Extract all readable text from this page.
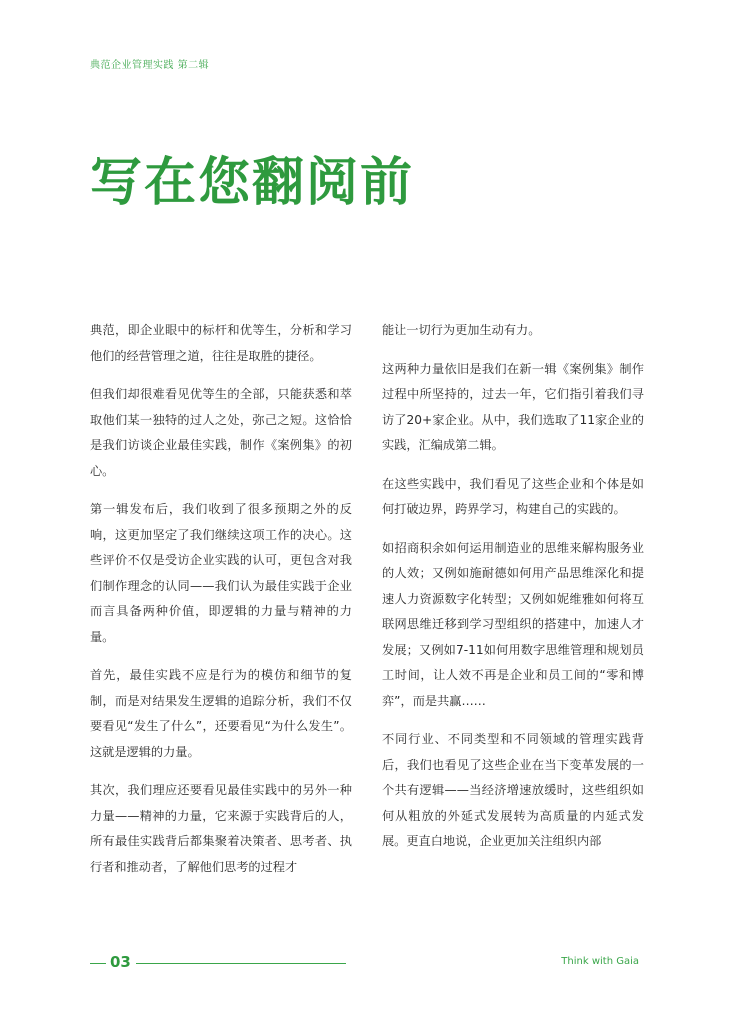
典范企业管理实践 第二辑
写在您翻阅前

典范，即企业眼中的标杆和优等生，分析和学习他们的经营管理之道，往往是取胜的捷径。

但我们却很难看见优等生的全部，只能获悉和萃取他们某一独特的过人之处，弥己之短。这恰恰是我们访谈企业最佳实践，制作《案例集》的初心。

第一辑发布后，我们收到了很多预期之外的反响，这更加坚定了我们继续这项工作的决心。这些评价不仅是受访企业实践的认可，更包含对我们制作理念的认同——我们认为最佳实践于企业而言具备两种价值，即逻辑的力量与精神的力量。

首先，最佳实践不应是行为的模仿和细节的复制，而是对结果发生逻辑的追踪分析，我们不仅要看见“发生了什么”，还要看见“为什么发生”。这就是逻辑的力量。

其次，我们理应还要看见最佳实践中的另外一种力量——精神的力量，它来源于实践背后的人，所有最佳实践背后都集聚着决策者、思考者、执行者和推动者，了解他们思考的过程才

能让一切行为更加生动有力。

这两种力量依旧是我们在新一辑《案例集》制作过程中所坚持的，过去一年，它们指引着我们寻访了20+家企业。从中，我们选取了11家企业的实践，汇编成第二辑。

在这些实践中，我们看见了这些企业和个体是如何打破边界，跨界学习，构建自己的实践的。

如招商积余如何运用制造业的思维来解构服务业的人效；又例如施耐德如何用产品思维深化和提速人力资源数字化转型；又例如妮维雅如何将互联网思维迁移到学习型组织的搭建中，加速人才发展；又例如7-11如何用数字思维管理和规划员工时间，让人效不再是企业和员工间的“零和博弈”，而是共赢……

不同行业、不同类型和不同领域的管理实践背后，我们也看见了这些企业在当下变革发展的一个共有逻辑——当经济增速放缓时，这些组织如何从粗放的外延式发展转为高质量的内延式发展。更直白地说，企业更加关注组织内部

03	Think with Gaia
